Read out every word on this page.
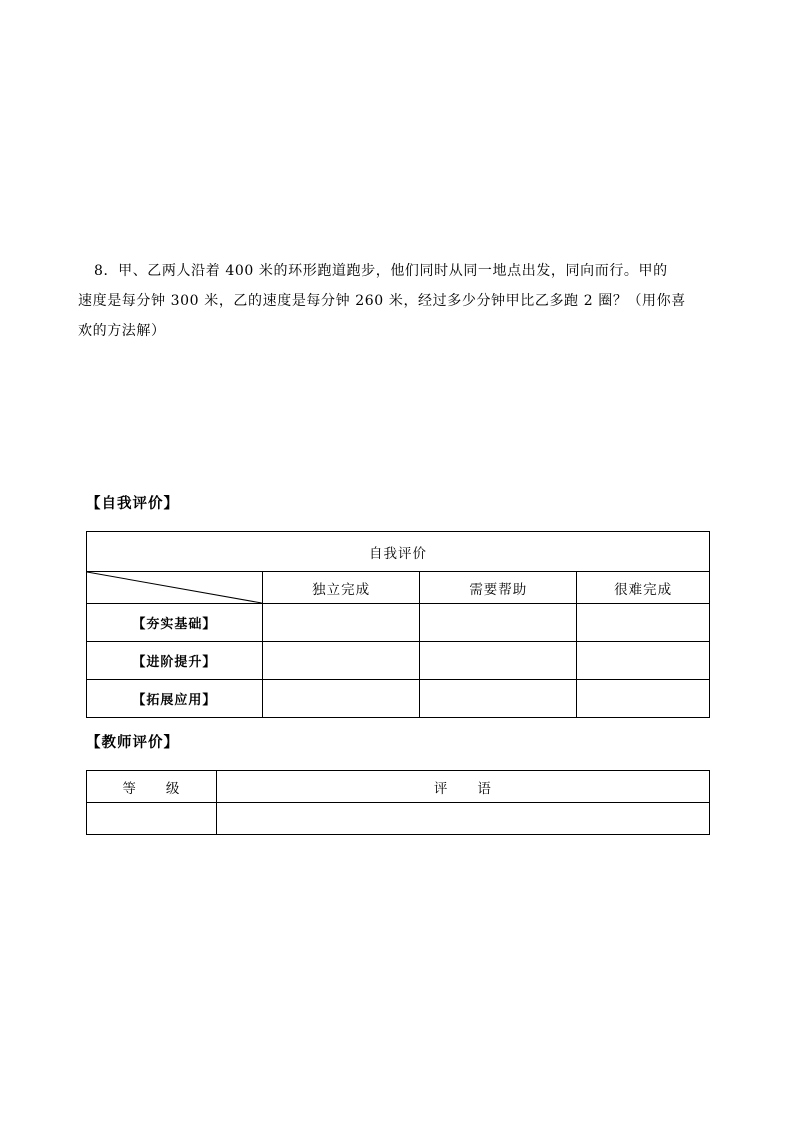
8．甲、乙两人沿着 400 米的环形跑道跑步，他们同时从同一地点出发，同向而行。甲的

速度是每分钟 300 米，乙的速度是每分钟 260 米，经过多少分钟甲比乙多跑 2 圈？（用你喜

欢的方法解）

【自我评价】
自我评价			

	独立完成	需要帮助	很难完成
【夯实基础】			
【进阶提升】			
【拓展应用】			
【教师评价】
等　　级	评　　语
